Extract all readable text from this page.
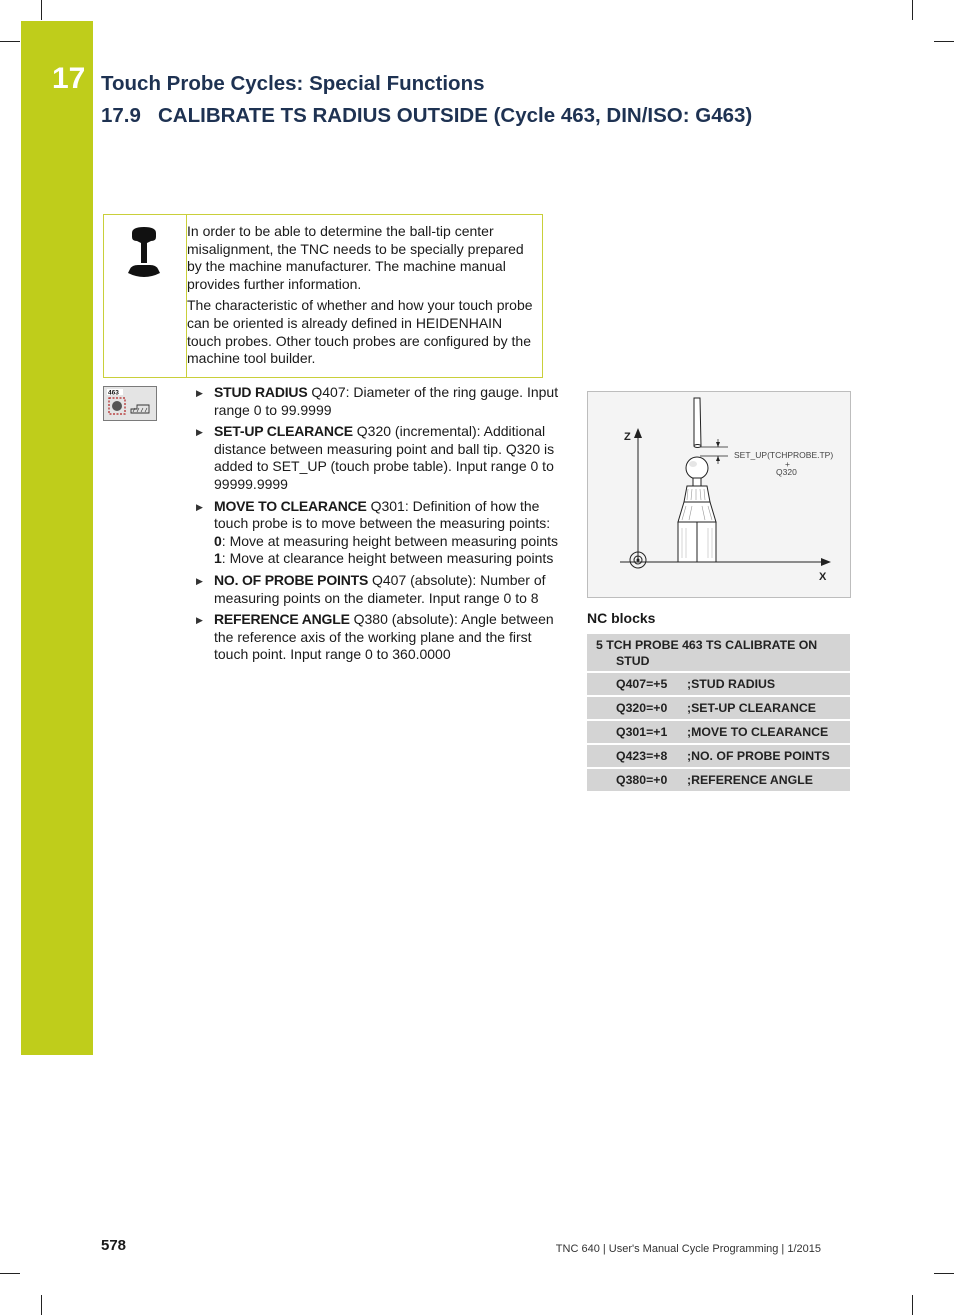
17 Touch Probe Cycles: Special Functions
17.9 CALIBRATE TS RADIUS OUTSIDE (Cycle 463, DIN/ISO: G463)

In order to be able to determine the ball-tip center misalignment, the TNC needs to be specially prepared by the machine manufacturer. The machine manual provides further information.

The characteristic of whether and how your touch probe can be oriented is already defined in HEIDENHAIN touch probes. Other touch probes are configured by the machine tool builder.

463	▶ STUD RADIUS Q407: Diameter of the ring gauge. Input range 0 to 99.9999
▶ SET-UP CLEARANCE Q320 (incremental): Additional distance between measuring point and ball tip. Q320 is added to SET_UP (touch probe table). Input range 0 to 99999.9999
▶ MOVE TO CLEARANCE Q301: Definition of how the touch probe is to move between the measuring points:
0: Move at measuring height between measuring points
1: Move at clearance height between measuring points
▶ NO. OF PROBE POINTS Q407 (absolute): Number of measuring points on the diameter. Input range 0 to 8
▶ REFERENCE ANGLE Q380 (absolute): Angle between the reference axis of the working plane and the first touch point. Input range 0 to 360.0000
Z
X
SET_UP(TCHPROBE.TP)
+
Q320
NC blocks
5 TCH PROBE 463 TS CALIBRATE ON
STUD
Q407=+5	;STUD RADIUS
Q320=+0	;SET-UP CLEARANCE
Q301=+1	;MOVE TO CLEARANCE
Q423=+8	;NO. OF PROBE POINTS
Q380=+0	;REFERENCE ANGLE
578	TNC 640 | User's Manual Cycle Programming | 1/2015
